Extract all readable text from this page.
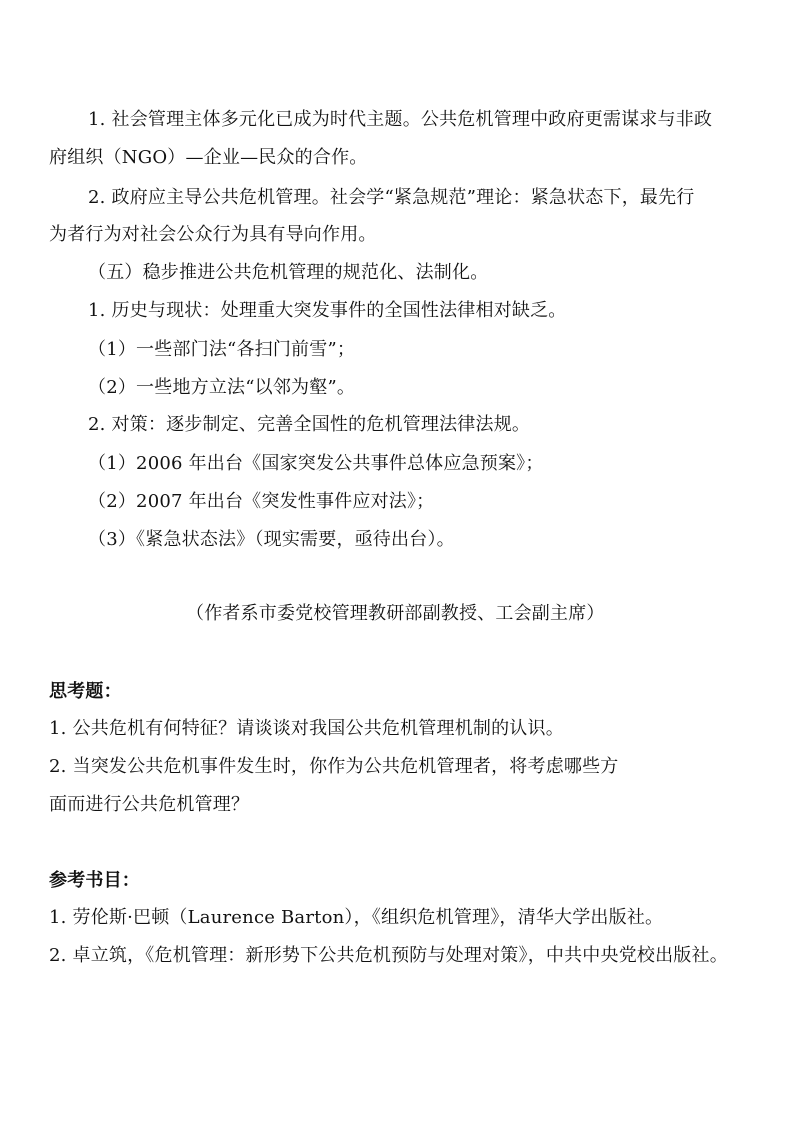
1. 社会管理主体多元化已成为时代主题。公共危机管理中政府更需谋求与非政
府组织（NGO）—企业—民众的合作。
2. 政府应主导公共危机管理。社会学“紧急规范”理论：紧急状态下，最先行
为者行为对社会公众行为具有导向作用。
（五）稳步推进公共危机管理的规范化、法制化。
1. 历史与现状：处理重大突发事件的全国性法律相对缺乏。
（1）一些部门法“各扫门前雪”；
（2）一些地方立法“以邻为壑”。
2. 对策：逐步制定、完善全国性的危机管理法律法规。
（1）2006 年出台《国家突发公共事件总体应急预案》；
（2）2007 年出台《突发性事件应对法》；
（3）《紧急状态法》（现实需要，亟待出台）。
（作者系市委党校管理教研部副教授、工会副主席）
思考题：
1. 公共危机有何特征？请谈谈对我国公共危机管理机制的认识。
2. 当突发公共危机事件发生时，你作为公共危机管理者，将考虑哪些方
面而进行公共危机管理？
参考书目：
1. 劳伦斯·巴顿（Laurence Barton），《组织危机管理》，清华大学出版社。
2. 卓立筑，《危机管理：新形势下公共危机预防与处理对策》，中共中央党校出版社。
